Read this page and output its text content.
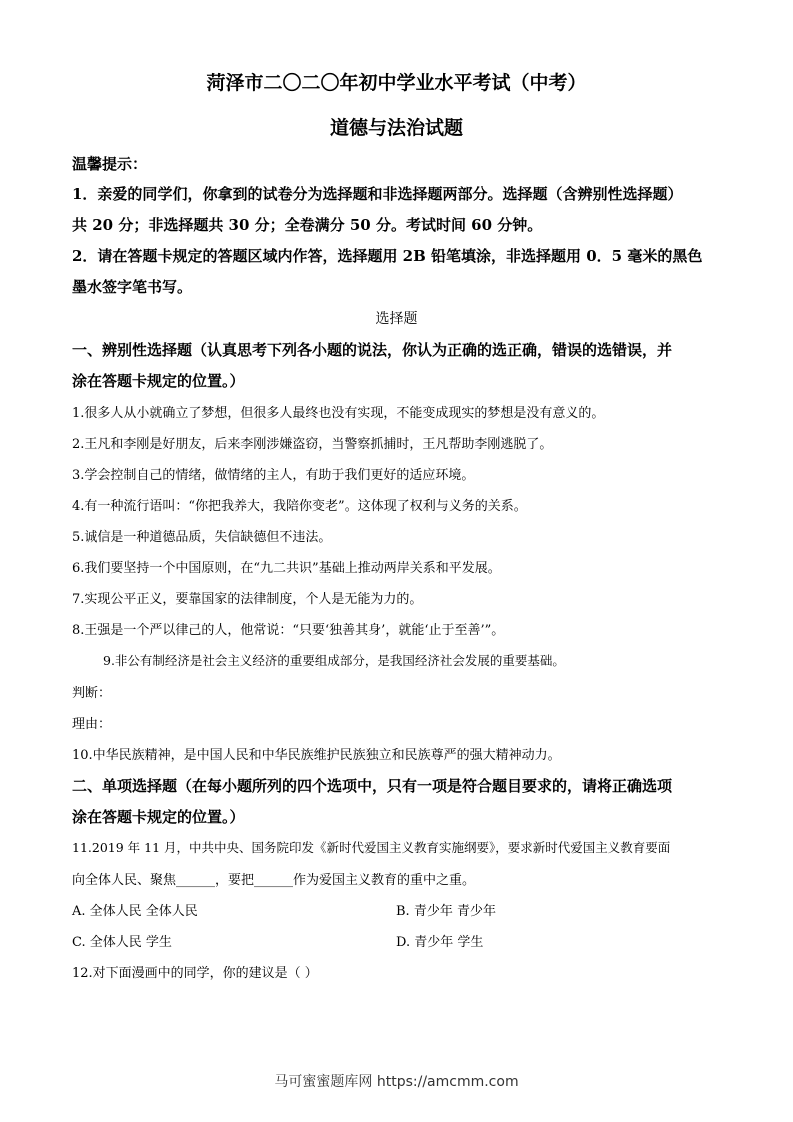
菏泽市二〇二〇年初中学业水平考试（中考）
道德与法治试题
温馨提示：
1．亲爱的同学们，你拿到的试卷分为选择题和非选择题两部分。选择题（含辨别性选择题）
共 20 分；非选择题共 30 分；全卷满分 50 分。考试时间 60 分钟。
2．请在答题卡规定的答题区域内作答，选择题用 2B 铅笔填涂，非选择题用 0．5 毫米的黑色
墨水签字笔书写。
选择题
一、辨别性选择题（认真思考下列各小题的说法，你认为正确的选正确，错误的选错误，并
涂在答题卡规定的位置。）
1.很多人从小就确立了梦想，但很多人最终也没有实现，不能变成现实的梦想是没有意义的。
2.王凡和李刚是好朋友，后来李刚涉嫌盗窃，当警察抓捕时，王凡帮助李刚逃脱了。
3.学会控制自己的情绪，做情绪的主人，有助于我们更好的适应环境。
4.有一种流行语叫：“你把我养大，我陪你变老”。这体现了权利与义务的关系。
5.诚信是一种道德品质，失信缺德但不违法。
6.我们要坚持一个中国原则，在“九二共识”基础上推动两岸关系和平发展。
7.实现公平正义，要靠国家的法律制度，个人是无能为力的。
8.王强是一个严以律己的人，他常说：“只要‘独善其身’，就能‘止于至善’”。
9.非公有制经济是社会主义经济的重要组成部分，是我国经济社会发展的重要基础。
判断：
理由：
10.中华民族精神，是中国人民和中华民族维护民族独立和民族尊严的强大精神动力。
二、单项选择题（在每小题所列的四个选项中，只有一项是符合题目要求的，请将正确选项
涂在答题卡规定的位置。）
11.2019 年 11 月，中共中央、国务院印发《新时代爱国主义教育实施纲要》，要求新时代爱国主义教育要面
向全体人民、聚焦______，要把______作为爱国主义教育的重中之重。
A. 全体人民 全体人民	B. 青少年 青少年
C. 全体人民 学生	D. 青少年 学生
12.对下面漫画中的同学，你的建议是（ ）
马可蜜蜜题库网 https://amcmm.com
